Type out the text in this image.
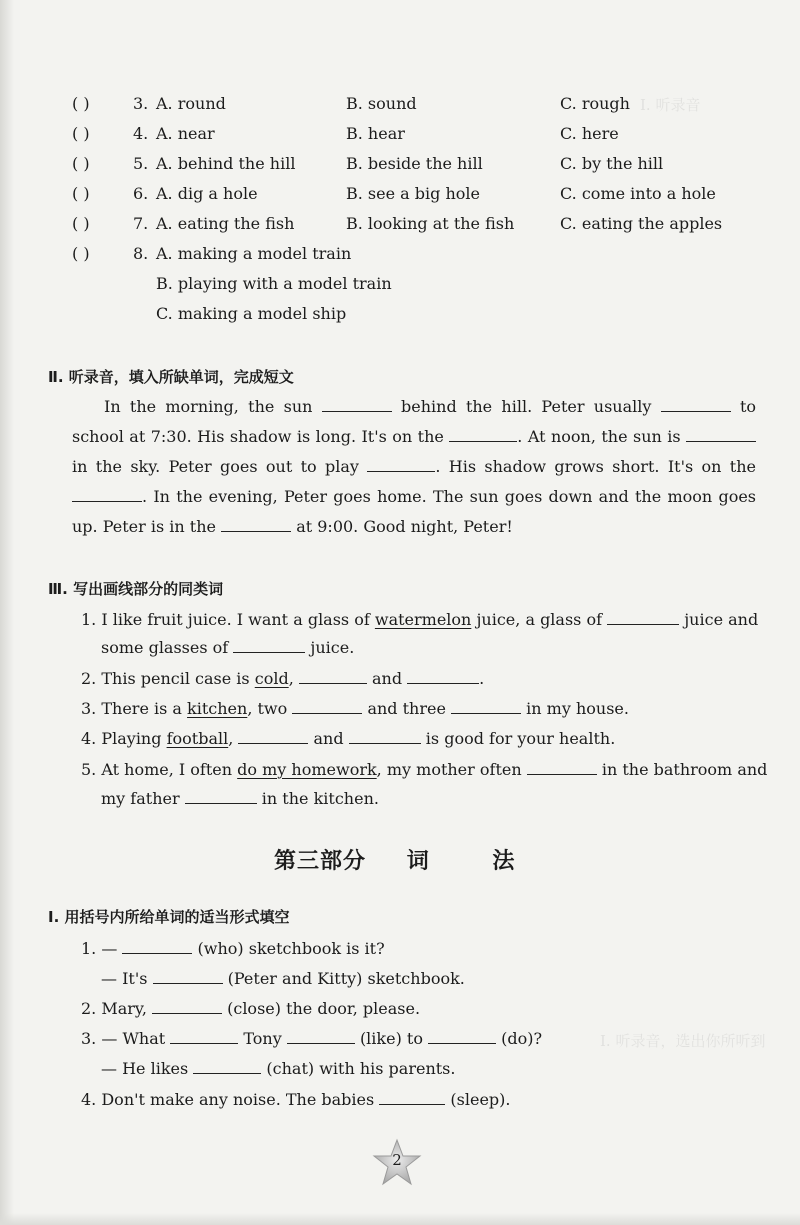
Ⅰ. 听录音
Ⅰ. 听录音，选出你所听到
( )	3. A. round	B. sound	C. rough
( )	4. A. near	B. hear	C. here
( )	5. A. behind the hill	B. beside the hill	C. by the hill
( )	6. A. dig a hole	B. see a big hole	C. come into a hole
( )	7. A. eating the fish	B. looking at the fish	C. eating the apples
( )	8. A. making a model train
B. playing with a model train
C. making a model ship
Ⅱ. 听录音，填入所缺单词，完成短文
In the morning, the sun	behind the hill. Peter usually	to school at 7:30. His shadow is long. It's on the	. At noon, the sun is  in the sky. Peter goes out to play	. His shadow grows short. It's on the . In the evening, Peter goes home. The sun goes down and the moon goes up. Peter is in the	at 9:00. Good night, Peter!
Ⅲ. 写出画线部分的同类词
1. I like fruit juice. I want a glass of watermelon juice, a glass of	juice and
some glasses of	juice.
2. This pencil case is cold,	and	.
3. There is a kitchen, two	and three	in my house.
4. Playing football,	and	is good for your health.
5. At home, I often do my homework, my mother often	in the bathroom and
my father	in the kitchen.
第三部分 词	法
Ⅰ. 用括号内所给单词的适当形式填空
1. —	(who) sketchbook is it?
— It's	(Peter and Kitty) sketchbook.
2. Mary,	(close) the door, please.
3. — What	Tony	(like) to	(do)?
— He likes	(chat) with his parents.
4. Don't make any noise. The babies	(sleep).
2
